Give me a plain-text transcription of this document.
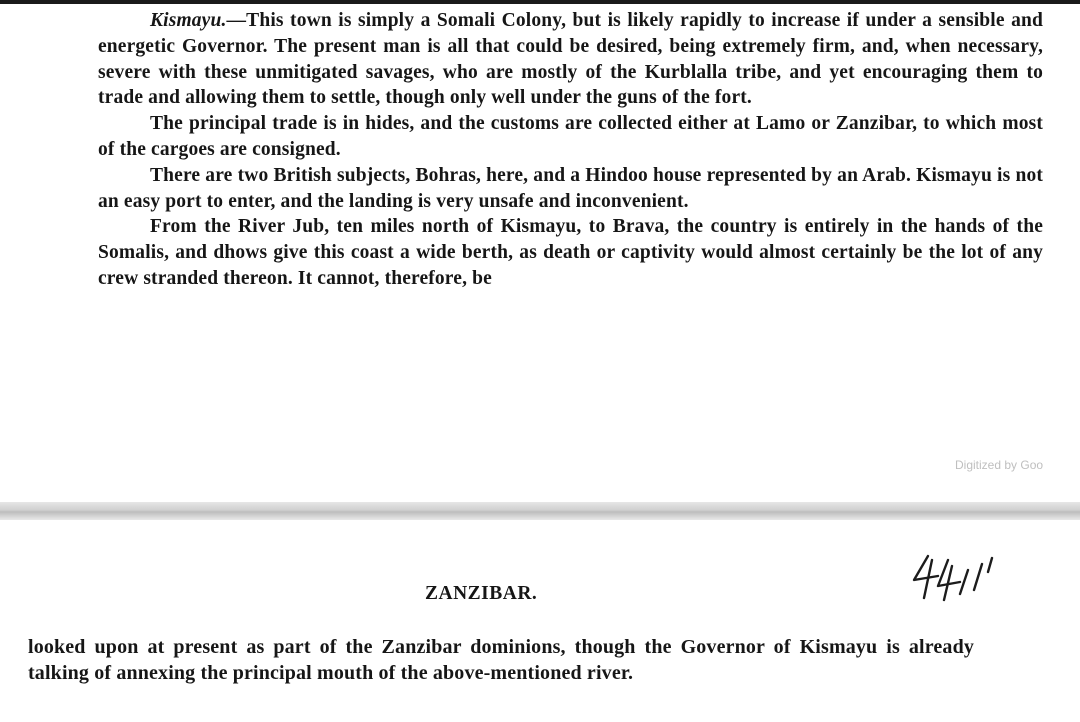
Kismayu.—This town is simply a Somali Colony, but is likely rapidly to increase if under a sensible and energetic Governor. The present man is all that could be desired, being extremely firm, and, when necessary, severe with these unmitigated savages, who are mostly of the Kurblalla tribe, and yet encouraging them to trade and allowing them to settle, though only well under the guns of the fort.

The principal trade is in hides, and the customs are collected either at Lamo or Zanzibar, to which most of the cargoes are consigned.

There are two British subjects, Bohras, here, and a Hindoo house represented by an Arab. Kismayu is not an easy port to enter, and the landing is very unsafe and inconvenient.

From the River Jub, ten miles north of Kismayu, to Brava, the country is entirely in the hands of the Somalis, and dhows give this coast a wide berth, as death or captivity would almost certainly be the lot of any crew stranded thereon. It cannot, therefore, be

Digitized by Goo
ZANZIBAR.

looked upon at present as part of the Zanzibar dominions, though the Governor of Kismayu is already talking of annexing the principal mouth of the above-mentioned river.
